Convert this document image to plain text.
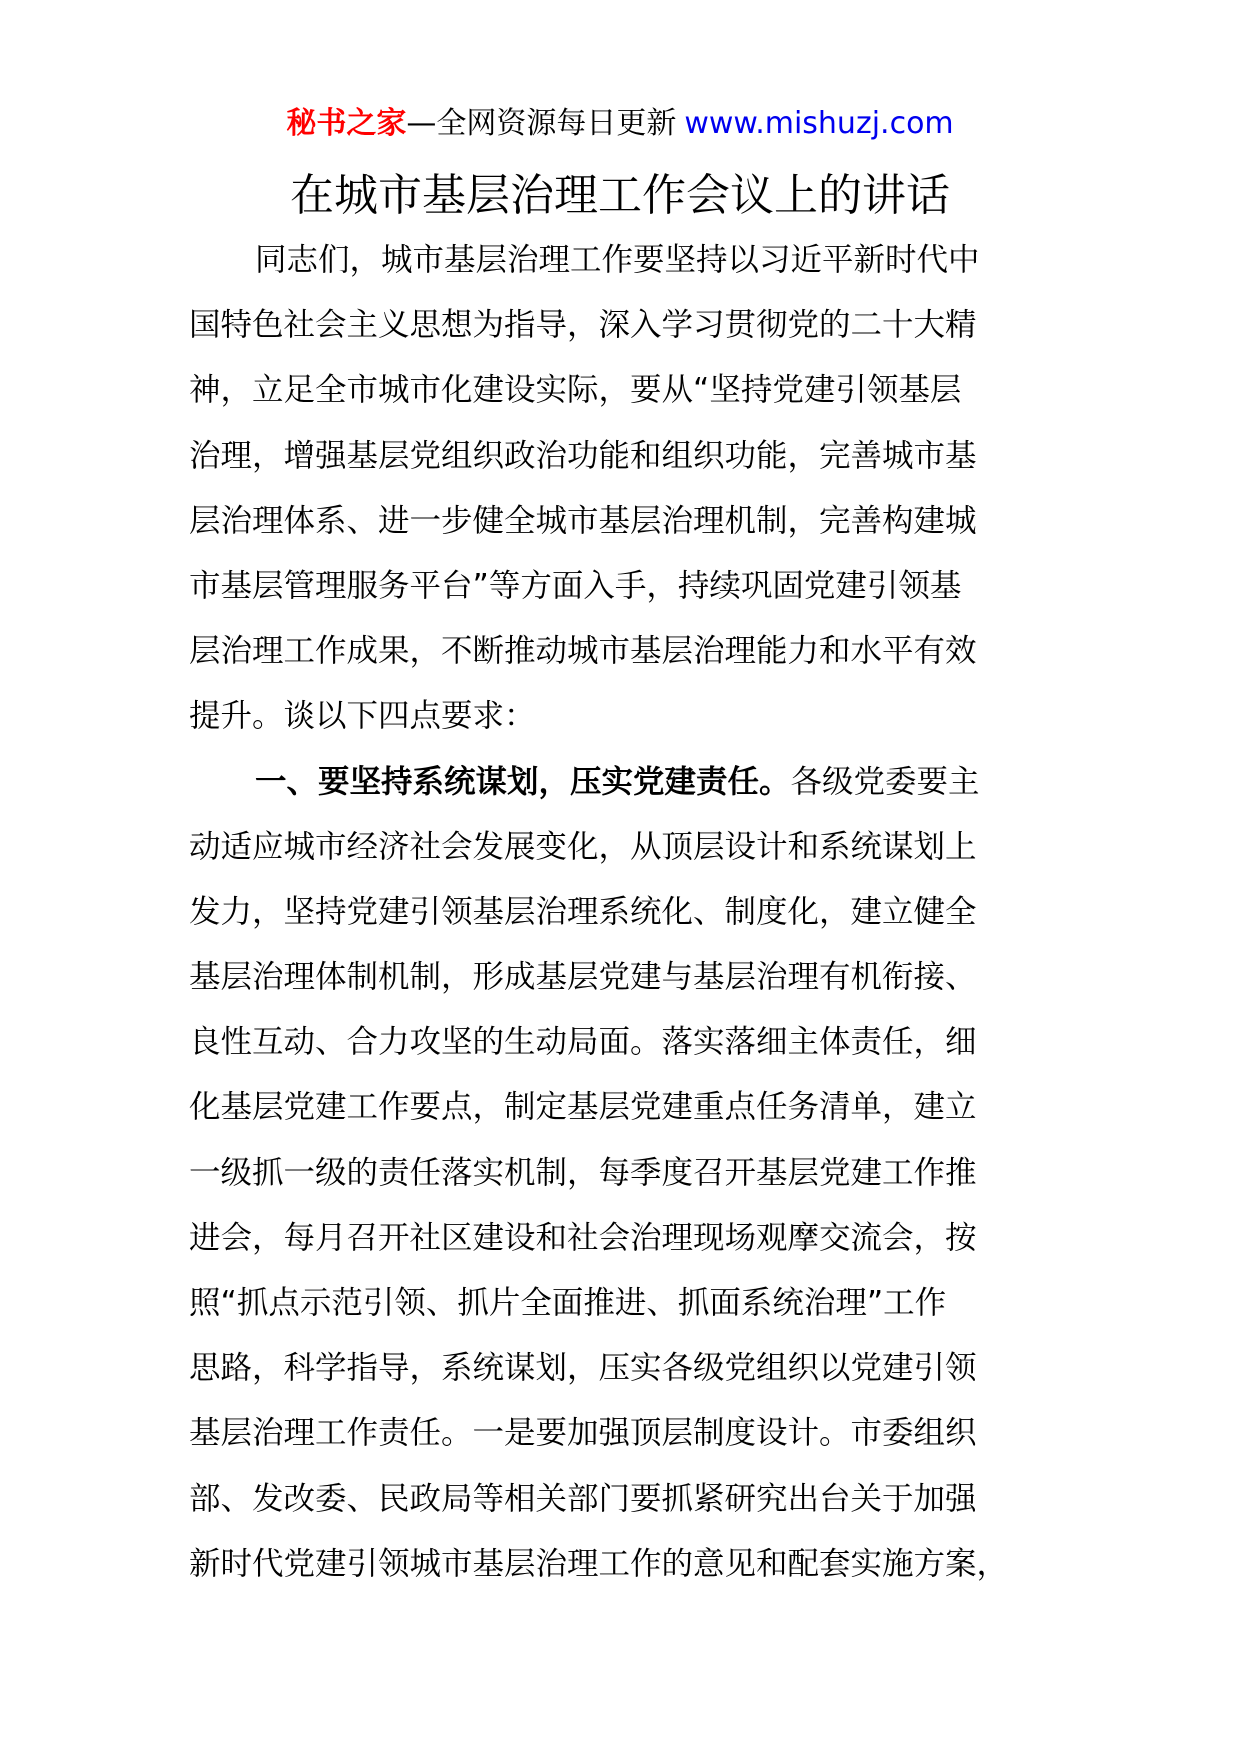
秘书之家—全网资源每日更新 www.mishuzj.com
在城市基层治理工作会议上的讲话
同志们，城市基层治理工作要坚持以习近平新时代中
国特色社会主义思想为指导，深入学习贯彻党的二十大精
神，立足全市城市化建设实际，要从“坚持党建引领基层
治理，增强基层党组织政治功能和组织功能，完善城市基
层治理体系、进一步健全城市基层治理机制，完善构建城
市基层管理服务平台”等方面入手，持续巩固党建引领基
层治理工作成果，不断推动城市基层治理能力和水平有效
提升。谈以下四点要求：
一、要坚持系统谋划，压实党建责任。各级党委要主
动适应城市经济社会发展变化，从顶层设计和系统谋划上
发力，坚持党建引领基层治理系统化、制度化，建立健全
基层治理体制机制，形成基层党建与基层治理有机衔接、
良性互动、合力攻坚的生动局面。落实落细主体责任，细
化基层党建工作要点，制定基层党建重点任务清单，建立
一级抓一级的责任落实机制，每季度召开基层党建工作推
进会，每月召开社区建设和社会治理现场观摩交流会，按
照“抓点示范引领、抓片全面推进、抓面系统治理”工作
思路，科学指导，系统谋划，压实各级党组织以党建引领
基层治理工作责任。一是要加强顶层制度设计。市委组织
部、发改委、民政局等相关部门要抓紧研究出台关于加强
新时代党建引领城市基层治理工作的意见和配套实施方案，
